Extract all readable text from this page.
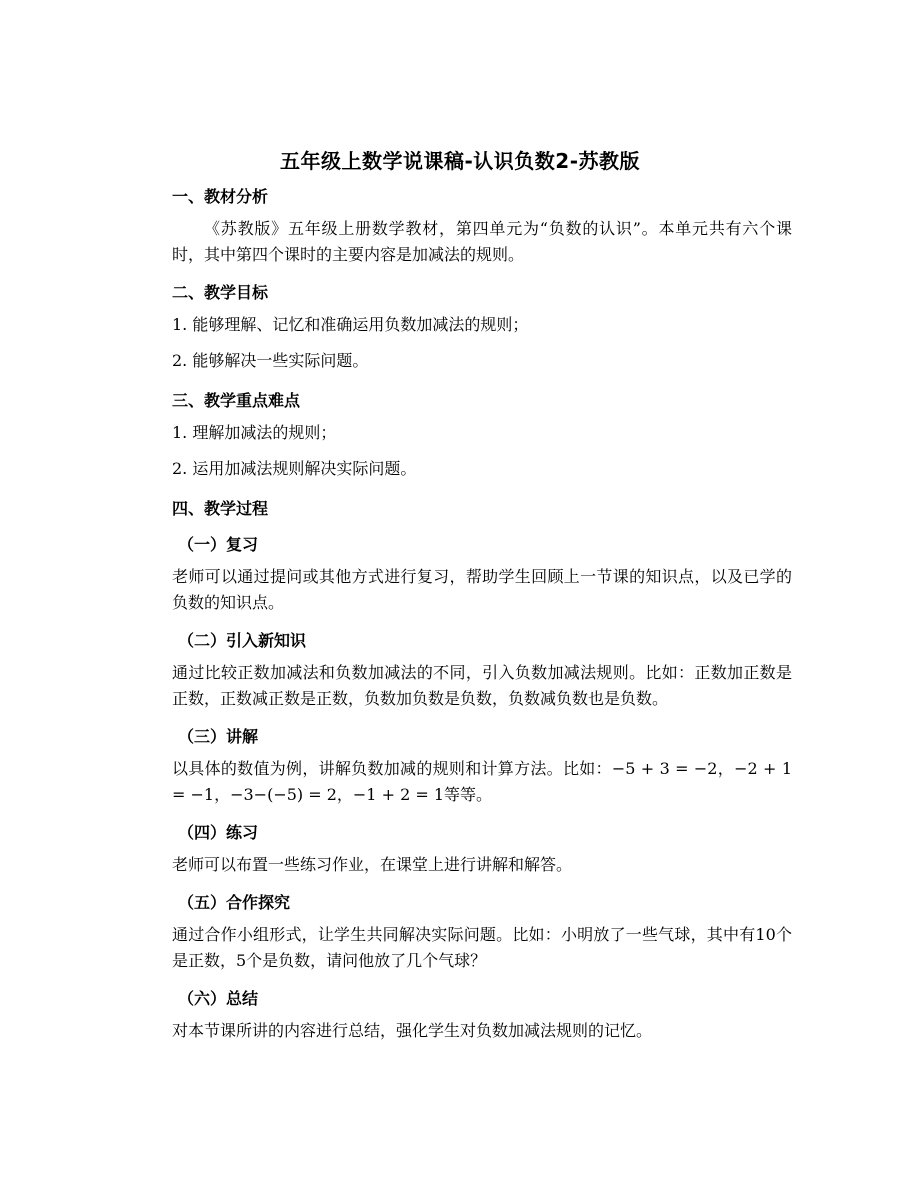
五年级上数学说课稿-认识负数2-苏教版
一、教材分析
《苏教版》五年级上册数学教材，第四单元为“负数的认识”。本单元共有六个课时，其中第四个课时的主要内容是加减法的规则。
二、教学目标
1. 能够理解、记忆和准确运用负数加减法的规则；
2. 能够解决一些实际问题。
三、教学重点难点
1. 理解加减法的规则；
2. 运用加减法规则解决实际问题。
四、教学过程
（一）复习
老师可以通过提问或其他方式进行复习，帮助学生回顾上一节课的知识点，以及已学的负数的知识点。
（二）引入新知识
通过比较正数加减法和负数加减法的不同，引入负数加减法规则。比如：正数加正数是正数，正数减正数是正数，负数加负数是负数，负数减负数也是负数。
（三）讲解
以具体的数值为例，讲解负数加减的规则和计算方法。比如：−5 + 3 = −2，−2 + 1 = −1，−3−(−5) = 2，−1 + 2 = 1等等。
（四）练习
老师可以布置一些练习作业，在课堂上进行讲解和解答。
（五）合作探究
通过合作小组形式，让学生共同解决实际问题。比如：小明放了一些气球，其中有10个是正数，5个是负数，请问他放了几个气球？
（六）总结
对本节课所讲的内容进行总结，强化学生对负数加减法规则的记忆。
